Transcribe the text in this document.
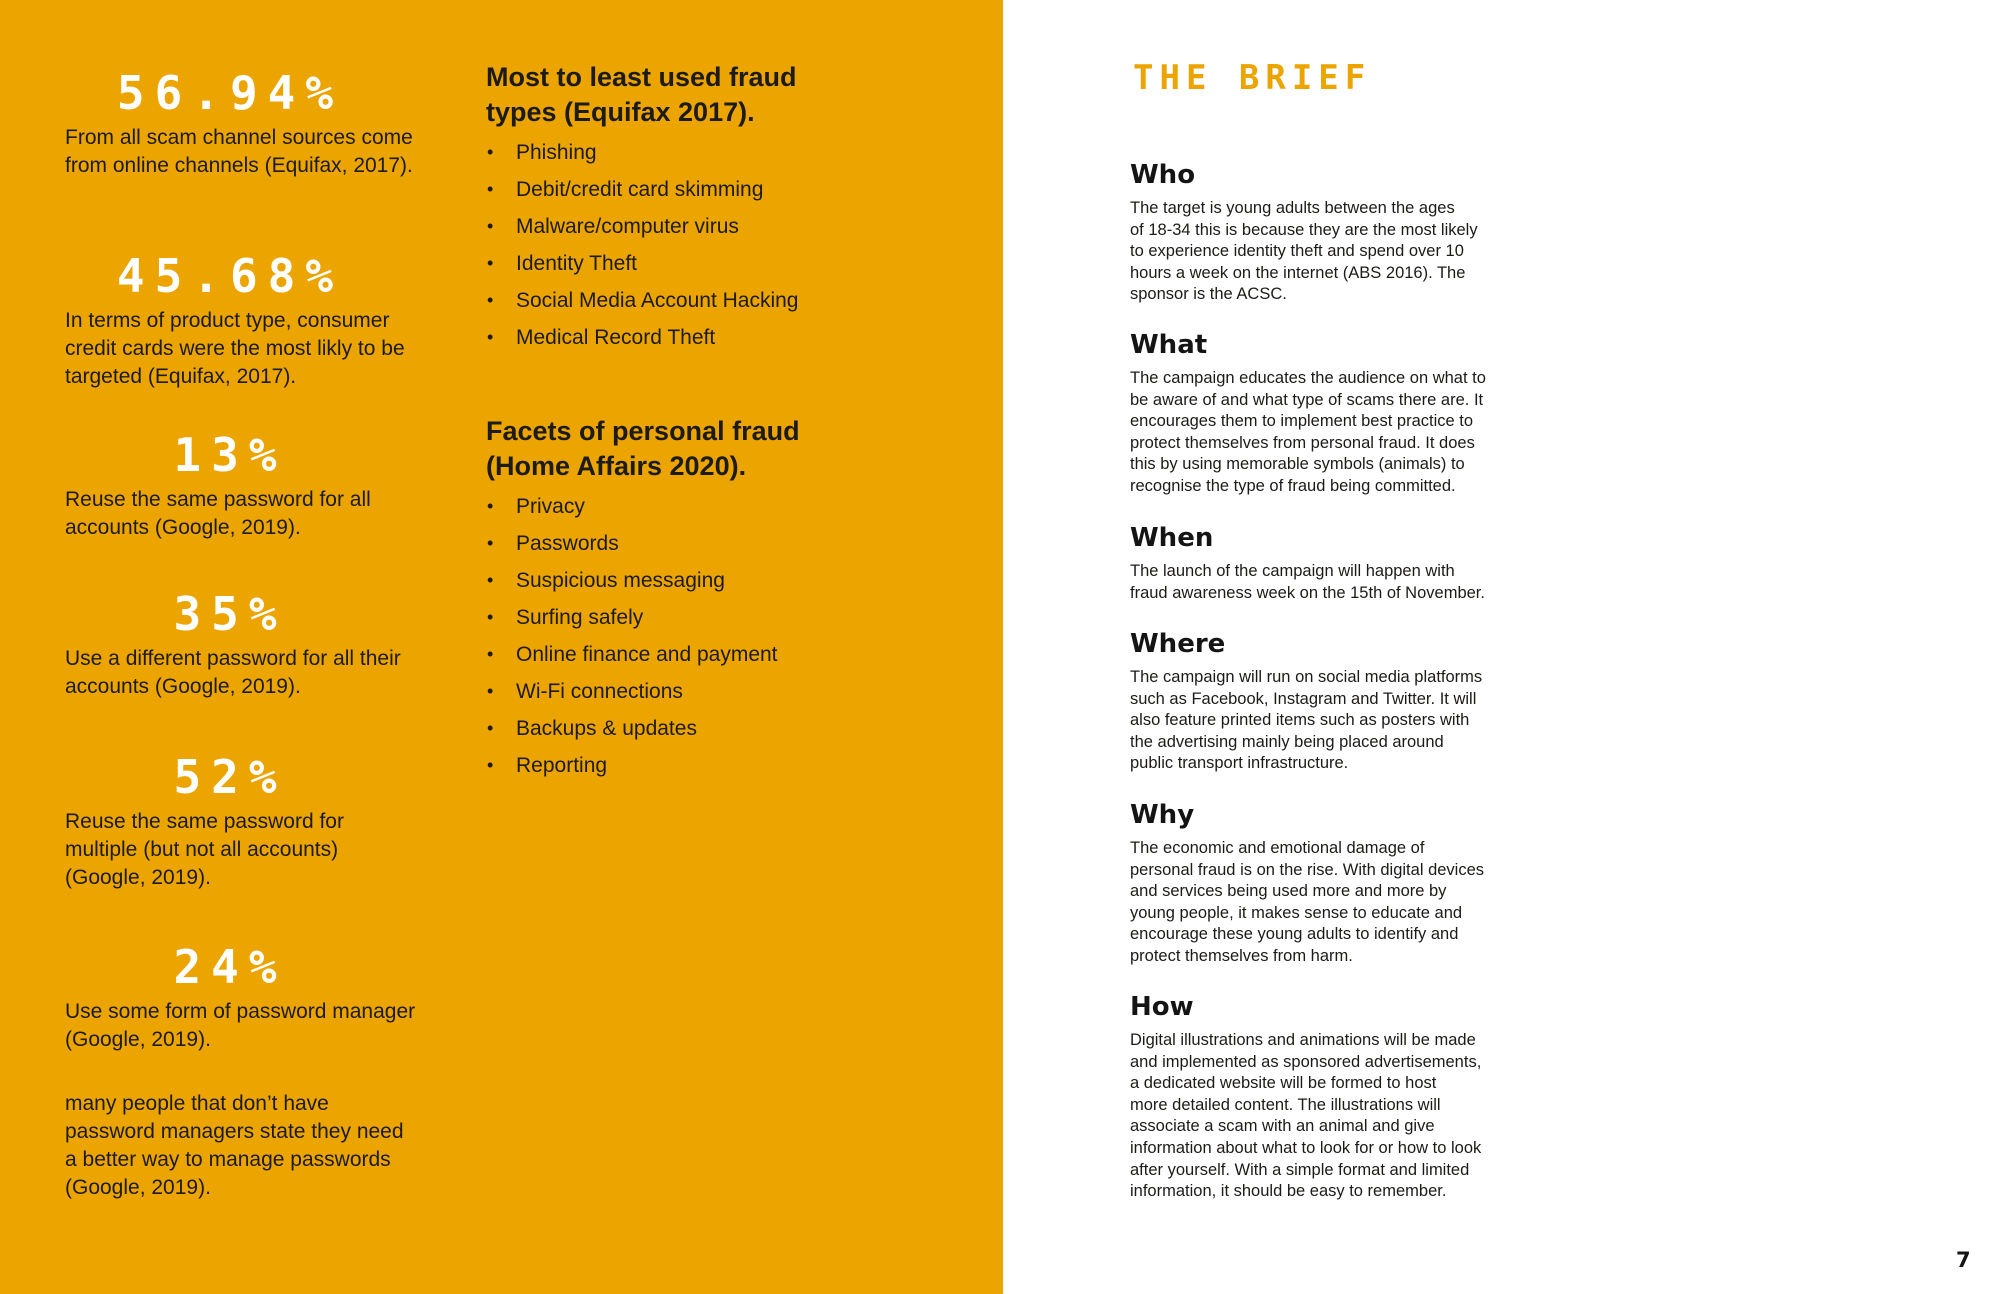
56.94%

From all scam channel sources come
from online channels (Equifax, 2017).

45.68%

In terms of product type, consumer
credit cards were the most likly to be
targeted (Equifax, 2017).

13%

Reuse the same password for all
accounts (Google, 2019).

35%

Use a different password for all their
accounts (Google, 2019).

52%

Reuse the same password for
multiple (but not all accounts)
(Google, 2019).

24%

Use some form of password manager
(Google, 2019).

many people that don’t have
password managers state they need
a better way to manage passwords
(Google, 2019).

Most to least used fraud
types (Equifax 2017).
• Phishing
• Debit/credit card skimming
• Malware/computer virus
• Identity Theft
• Social Media Account Hacking
• Medical Record Theft
Facets of personal fraud
(Home Affairs 2020).
• Privacy
• Passwords
• Suspicious messaging
• Surfing safely
• Online finance and payment
• Wi-Fi connections
• Backups & updates
• Reporting
THE BRIEF
Who

The target is young adults between the ages
of 18-34 this is because they are the most likely
to experience identity theft and spend over 10
hours a week on the internet (ABS 2016). The
sponsor is the ACSC.

What

The campaign educates the audience on what to
be aware of and what type of scams there are. It
encourages them to implement best practice to
protect themselves from personal fraud. It does
this by using memorable symbols (animals) to
recognise the type of fraud being committed.

When

The launch of the campaign will happen with
fraud awareness week on the 15th of November.

Where

The campaign will run on social media platforms
such as Facebook, Instagram and Twitter. It will
also feature printed items such as posters with
the advertising mainly being placed around
public transport infrastructure.

Why

The economic and emotional damage of
personal fraud is on the rise. With digital devices
and services being used more and more by
young people, it makes sense to educate and
encourage these young adults to identify and
protect themselves from harm.

How

Digital illustrations and animations will be made
and implemented as sponsored advertisements,
a dedicated website will be formed to host
more detailed content. The illustrations will
associate a scam with an animal and give
information about what to look for or how to look
after yourself. With a simple format and limited
information, it should be easy to remember.

7
